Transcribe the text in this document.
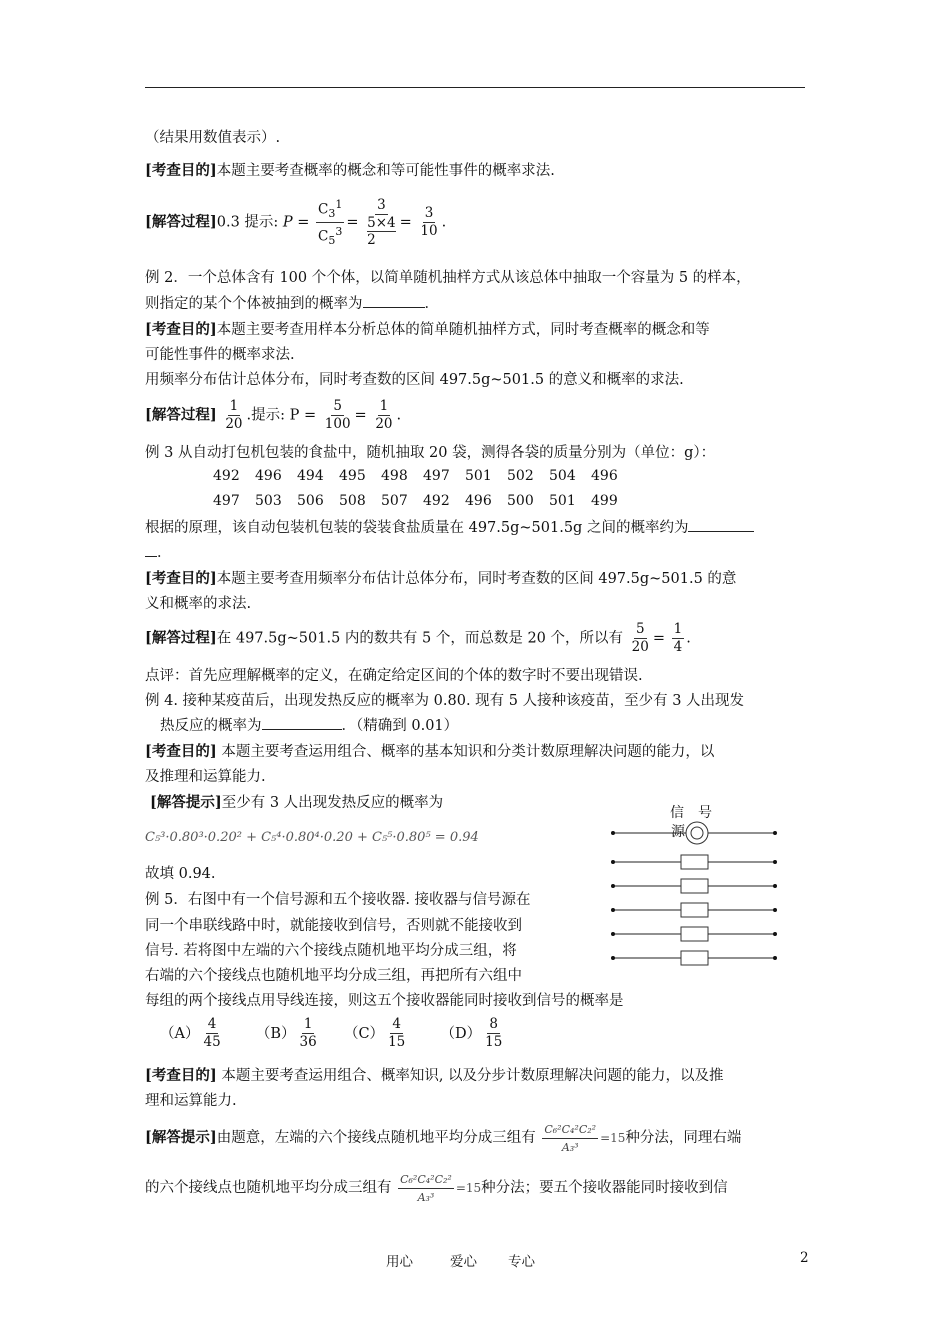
（结果用数值表示）.
[考查目的]本题主要考查概率的概念和等可能性事件的概率求法.
[解答过程]0.3 提示: $P = \frac{C_3^1}{C_5^3}$ =
3
5×4
2
= $\frac{3}{10}$ .
例 2．一个总体含有 100 个个体，以简单随机抽样方式从该总体中抽取一个容量为 5 的样本，
则指定的某个个体被抽到的概率为	．
[考查目的]本题主要考查用样本分析总体的简单随机抽样方式，同时考查概率的概念和等
可能性事件的概率求法.
用频率分布估计总体分布，同时考查数的区间 497.5g~501.5 的意义和概率的求法.
[解答过程] $\frac{1}{20}$ .提示: $P = \frac{5}{100} = \frac{1}{20}$ .
例 3 从自动打包机包装的食盐中，随机抽取 20 袋，测得各袋的质量分别为（单位：g）：
492 496 494 495 498 497 501 502 504 496
497 503 506 508 507 492 496 500 501 499
根据的原理，该自动包装机包装的袋装食盐质量在 497.5g~501.5g 之间的概率约为
．
[考查目的]本题主要考查用频率分布估计总体分布，同时考查数的区间 497.5g~501.5 的意
义和概率的求法.
[解答过程]在 497.5g~501.5 内的数共有 5 个，而总数是 20 个，所以有 $\frac{5}{20} = \frac{1}{4}$ .
点评：首先应理解概率的定义，在确定给定区间的个体的数字时不要出现错误.
例 4. 接种某疫苗后，出现发热反应的概率为 0.80. 现有 5 人接种该疫苗，至少有 3 人出现发
热反应的概率为	．（精确到 0.01）
[考查目的] 本题主要考查运用组合、概率的基本知识和分类计数原理解决问题的能力，以
及推理和运算能力.
[解答提示]至少有 3 人出现发热反应的概率为
C₅³·0.80³·0.20² + C₅⁴·0.80⁴·0.20 + C₅⁵·0.80⁵ = 0.94
故填 0.94.
例 5．右图中有一个信号源和五个接收器. 接收器与信号源在
同一个串联线路中时，就能接收到信号，否则就不能接收到
信号. 若将图中左端的六个接线点随机地平均分成三组，将
右端的六个接线点也随机地平均分成三组，再把所有六组中
每组的两个接线点用导线连接，则这五个接收器能同时接收到信号的概率是
信　号
源
$(A) \frac{4}{45} (B) \frac{1}{36} (C) \frac{4}{15} (D) \frac{8}{15}$
[考查目的] 本题主要考查运用组合、概率知识, 以及分步计数原理解决问题的能力，以及推
理和运算能力.
[解答提示]由题意，左端的六个接线点随机地平均分成三组有 $\frac{\text{C₆²C₄²C₂²}}{\text{A₃³}} =15$种分法，同理右端
的六个接线点也随机地平均分成三组有 $\frac{\text{C₆²C₄²C₂²}}{\text{A₃³}} =15$种分法；要五个接收器能同时接收到信
用心	爱心 专心	2
